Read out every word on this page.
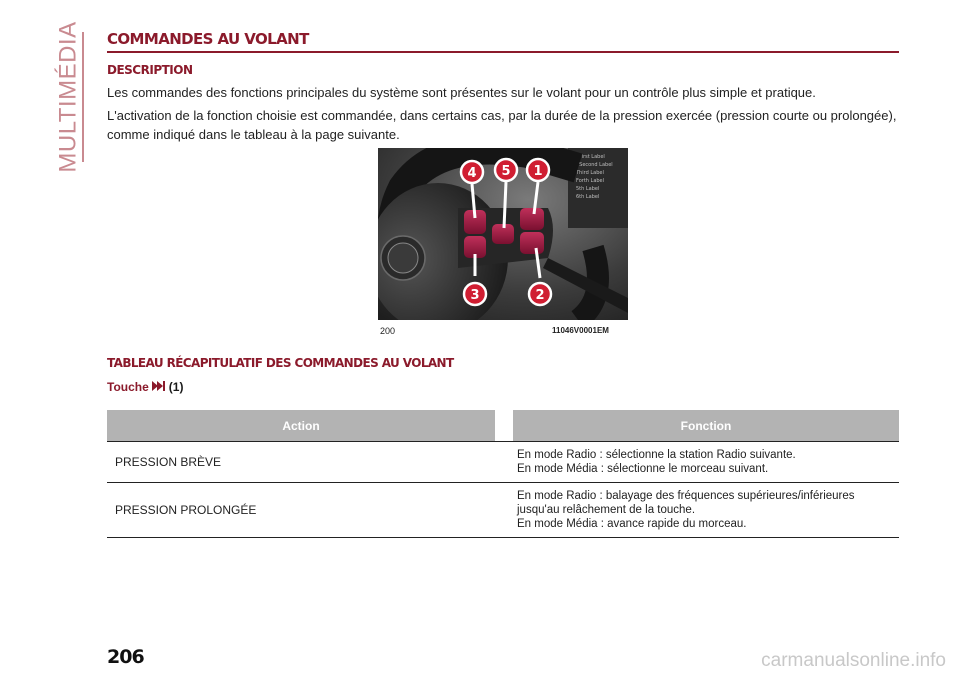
MULTIMÉDIA COMMANDES AU VOLANT
DESCRIPTION

Les commandes des fonctions principales du système sont présentes sur le volant pour un contrôle plus simple et pratique.

L'activation de la fonction choisie est commandée, dans certains cas, par la durée de la pression exercée (pression courte ou prolongée), comme indiqué dans le tableau à la page suivante.

· First Label
· Second Label
Third Label
Forth Label
5th Label
6th Label
4 5 1
3	2
200	11046V0001EM
TABLEAU RÉCAPITULATIF DES COMMANDES AU VOLANT
Touche (1)
Action		Fonction
PRESSION BRÈVE		En mode Radio : sélectionne la station Radio suivante.
En mode Média : sélectionne le morceau suivant.

PRESSION PROLONGÉE		En mode Radio : balayage des fréquences supérieures/inférieures
jusqu'au relâchement de la touche.
En mode Média : avance rapide du morceau.
206	carmanualsonline.info
